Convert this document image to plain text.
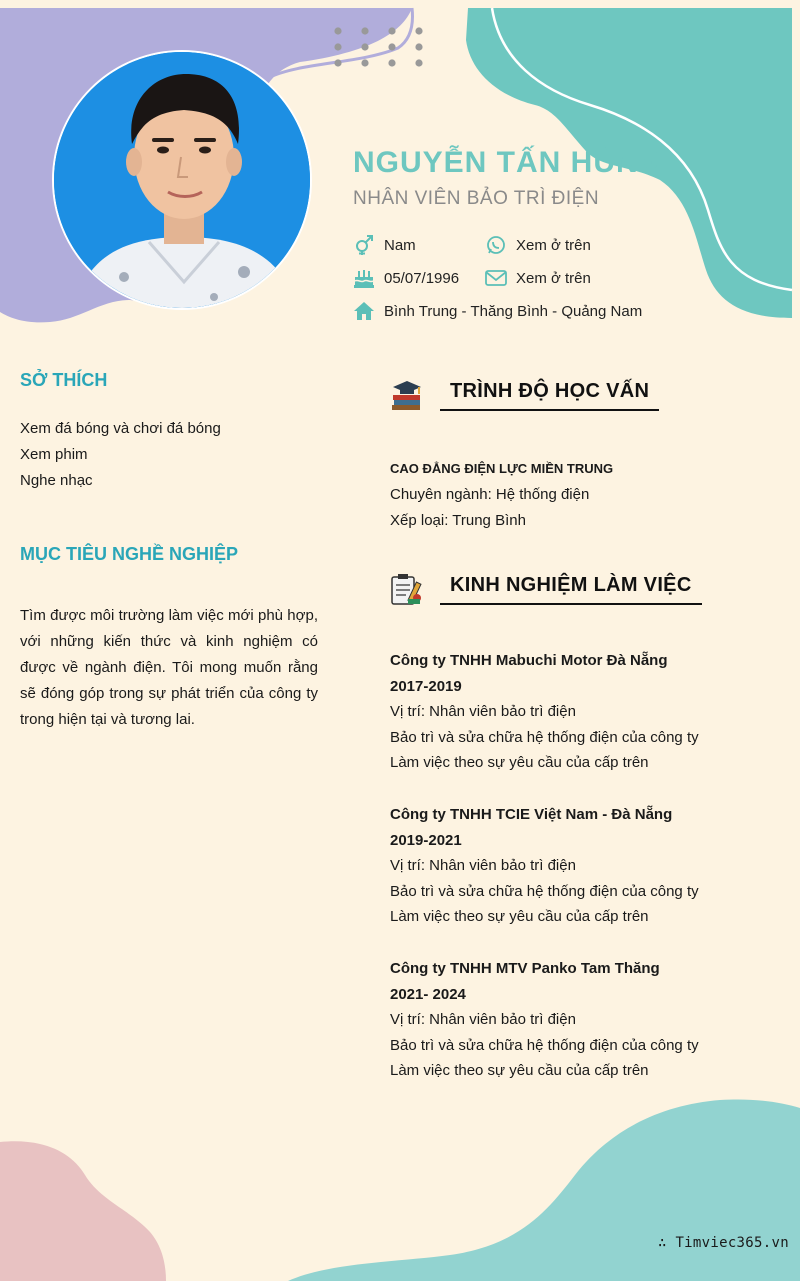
NGUYỄN TẤN HÙNG

NHÂN VIÊN BẢO TRÌ ĐIỆN

Nam	Xem ở trên
05/07/1996	Xem ở trên
Bình Trung - Thăng Bình - Quảng Nam
SỞ THÍCH
Xem đá bóng và chơi đá bóng
Xem phim
Nghe nhạc
MỤC TIÊU NGHỀ NGHIỆP
Tìm được môi trường làm việc mới phù hợp, với những kiến thức và kinh nghiệm có được về ngành điện. Tôi mong muốn rằng sẽ đóng góp trong sự phát triển của công ty trong hiện tại và tương lai.
TRÌNH ĐỘ HỌC VẤN
CAO ĐẲNG ĐIỆN LỰC MIỀN TRUNG
Chuyên ngành: Hệ thống điện
Xếp loại: Trung Bình
KINH NGHIỆM LÀM VIỆC
Công ty TNHH Mabuchi Motor Đà Nẵng
2017-2019
Vị trí: Nhân viên bảo trì điện
Bảo trì và sửa chữa hệ thống điện của công ty
Làm việc theo sự yêu cầu của cấp trên
Công ty TNHH TCIE Việt Nam - Đà Nẵng
2019-2021
Vị trí: Nhân viên bảo trì điện
Bảo trì và sửa chữa hệ thống điện của công ty
Làm việc theo sự yêu cầu của cấp trên
Công ty TNHH MTV Panko Tam Thăng
2021- 2024
Vị trí: Nhân viên bảo trì điện
Bảo trì và sửa chữa hệ thống điện của công ty
Làm việc theo sự yêu cầu của cấp trên
∴ Timviec365.vn
